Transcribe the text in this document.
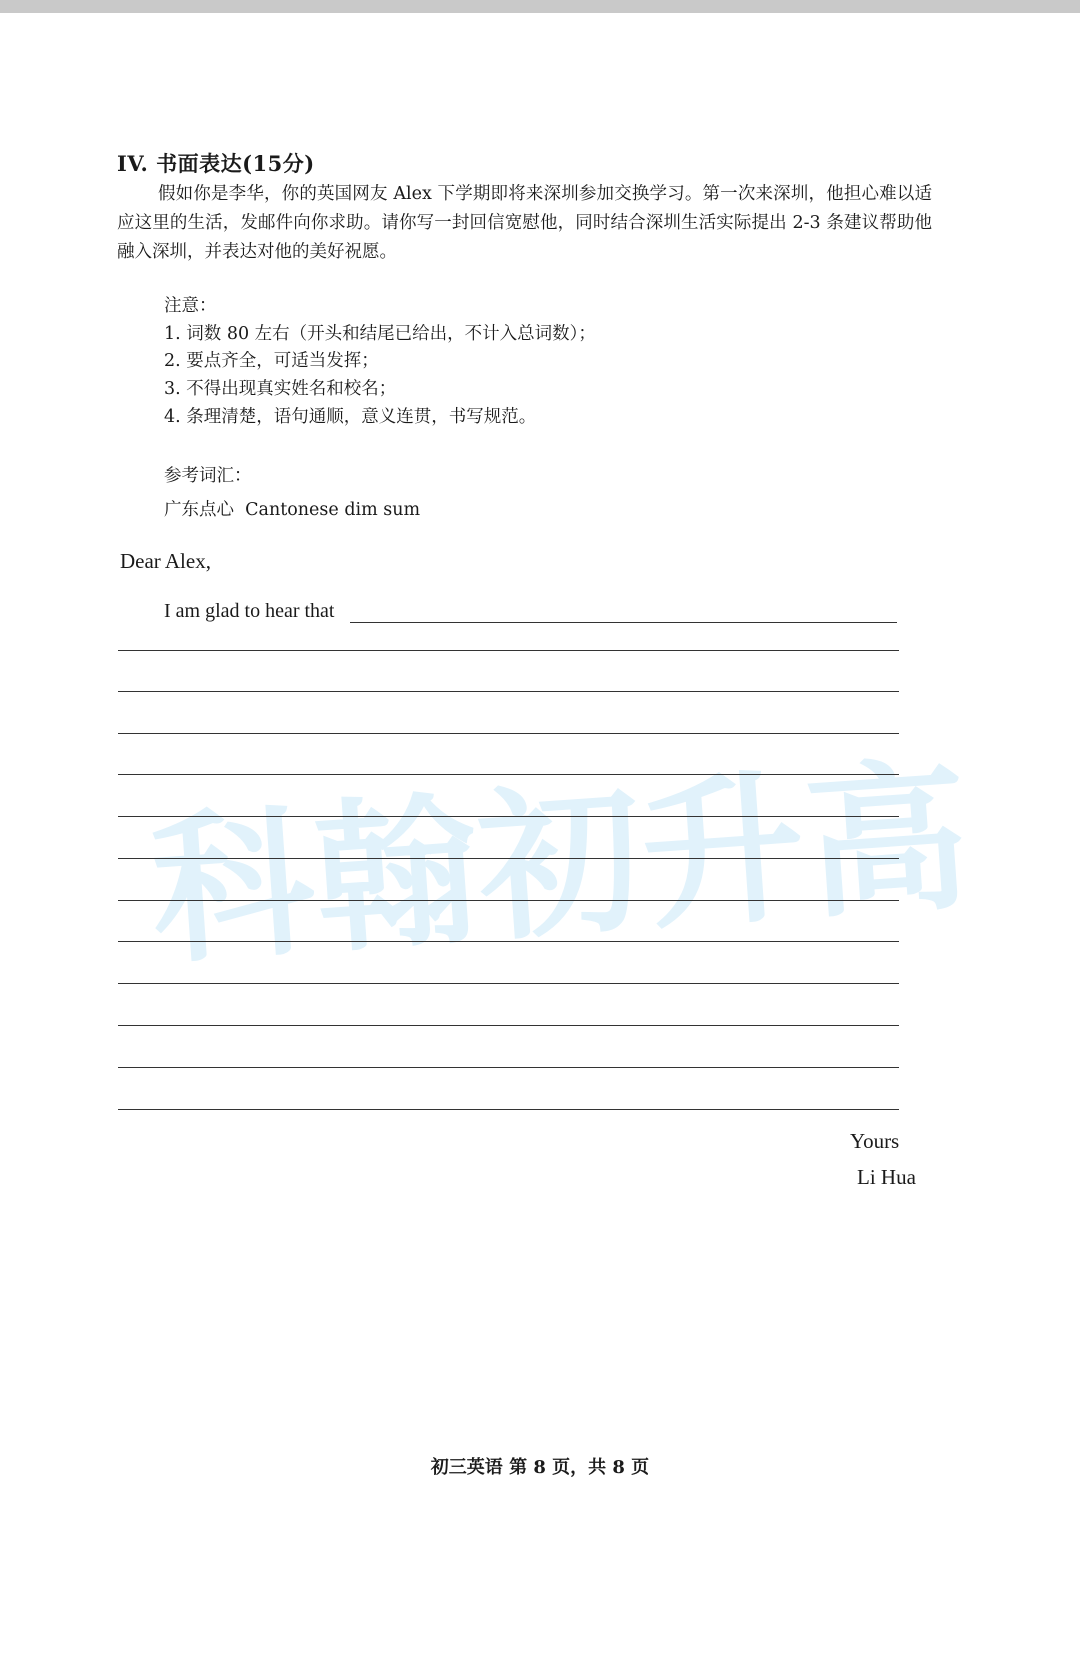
科翰初升高
IV. 书面表达(15分)
假如你是李华，你的英国网友 Alex 下学期即将来深圳参加交换学习。第一次来深圳，他担心难以适应这里的生活，发邮件向你求助。请你写一封回信宽慰他，同时结合深圳生活实际提出 2-3 条建议帮助他融入深圳，并表达对他的美好祝愿。
注意：
1. 词数 80 左右（开头和结尾已给出，不计入总词数）；
2. 要点齐全，可适当发挥；
3. 不得出现真实姓名和校名；
4. 条理清楚，语句通顺，意义连贯，书写规范。
参考词汇：
广东点心  Cantonese dim sum
Dear Alex,
I am glad to hear that
Yours
Li Hua
初三英语 第 8 页，共 8 页
